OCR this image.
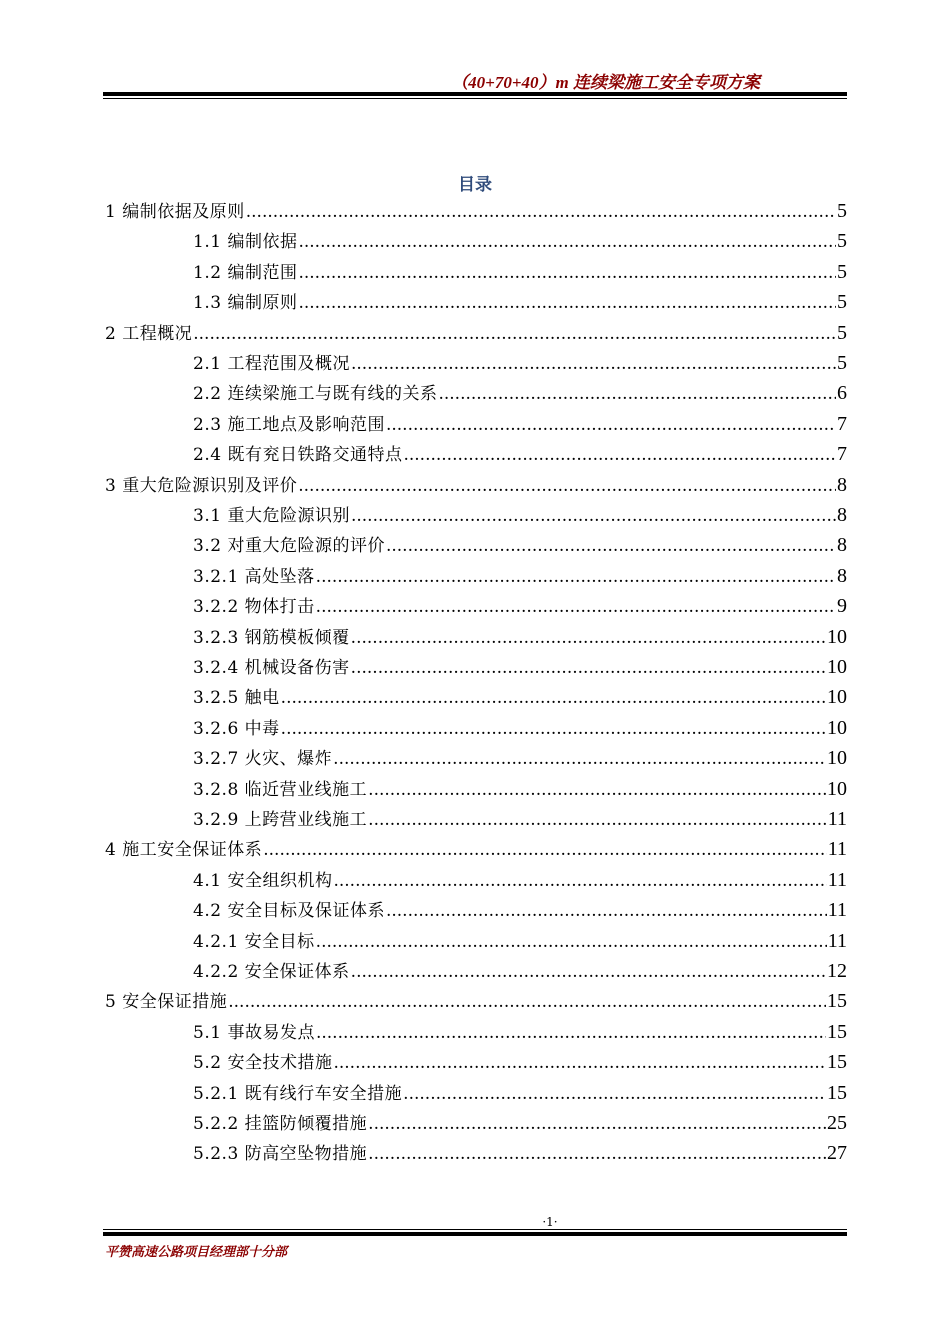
（40+70+40）m 连续梁施工安全专项方案
目录
1 编制依据及原则 .....	5
1.1 编制依据 .....	5
1.2 编制范围 .....	5
1.3 编制原则 .....	5
2 工程概况 .....	5
2.1 工程范围及概况 .....	5
2.2 连续梁施工与既有线的关系 .....	6
2.3 施工地点及影响范围 .....	7
2.4 既有兖日铁路交通特点 .....	7
3 重大危险源识别及评价 .....	8
3.1 重大危险源识别 .....	8
3.2 对重大危险源的评价 .....	8
3.2.1 高处坠落 .....	8
3.2.2 物体打击 .....	9
3.2.3 钢筋模板倾覆 .....	10
3.2.4 机械设备伤害 .....	10
3.2.5 触电 .....	10
3.2.6 中毒 .....	10
3.2.7 火灾、爆炸 .....	10
3.2.8 临近营业线施工 .....	10
3.2.9 上跨营业线施工 .....	11
4 施工安全保证体系 .....	11
4.1 安全组织机构 .....	11
4.2 安全目标及保证体系 .....	11
4.2.1 安全目标 .....	11
4.2.2 安全保证体系 .....	12
5 安全保证措施 .....	15
5.1 事故易发点 .....	15
5.2 安全技术措施 .....	15
5.2.1 既有线行车安全措施 .....	15
5.2.2 挂篮防倾覆措施 .....	25
5.2.3 防高空坠物措施 .....	27
·1·
平赞高速公路项目经理部十分部
